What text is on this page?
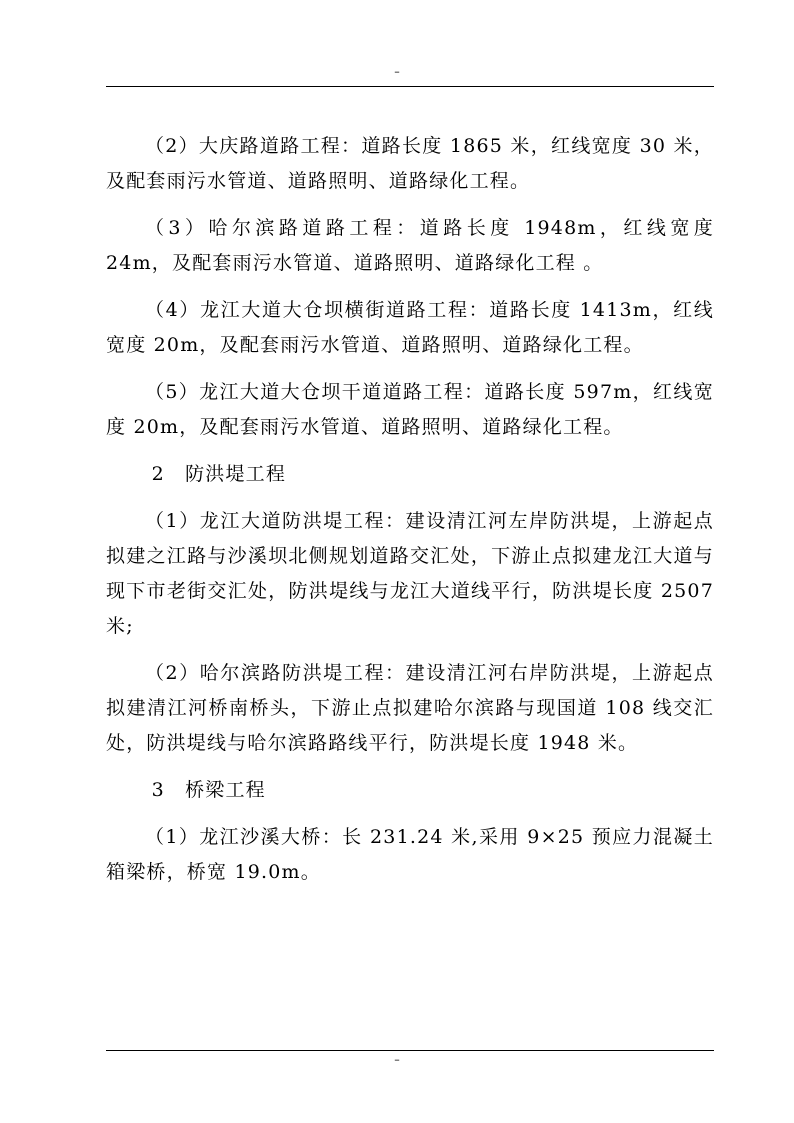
–

（2）大庆路道路工程：道路长度 1865 米，红线宽度 30 米，及配套雨污水管道、道路照明、道路绿化工程。

（3）哈尔滨路道路工程：道路长度 1948m，红线宽度 24m，及配套雨污水管道、道路照明、道路绿化工程 。

（4）龙江大道大仓坝横街道路工程：道路长度 1413m，红线宽度 20m，及配套雨污水管道、道路照明、道路绿化工程。

（5）龙江大道大仓坝干道道路工程：道路长度 597m，红线宽度 20m，及配套雨污水管道、道路照明、道路绿化工程。

2　防洪堤工程

（1）龙江大道防洪堤工程：建设清江河左岸防洪堤，上游起点拟建之江路与沙溪坝北侧规划道路交汇处，下游止点拟建龙江大道与现下市老街交汇处，防洪堤线与龙江大道线平行，防洪堤长度 2507 米;

（2）哈尔滨路防洪堤工程：建设清江河右岸防洪堤，上游起点拟建清江河桥南桥头，下游止点拟建哈尔滨路与现国道 108 线交汇处，防洪堤线与哈尔滨路路线平行，防洪堤长度 1948 米。

3　桥梁工程

（1）龙江沙溪大桥：长 231.24 米,采用 9×25 预应力混凝土箱梁桥，桥宽 19.0m。

–
